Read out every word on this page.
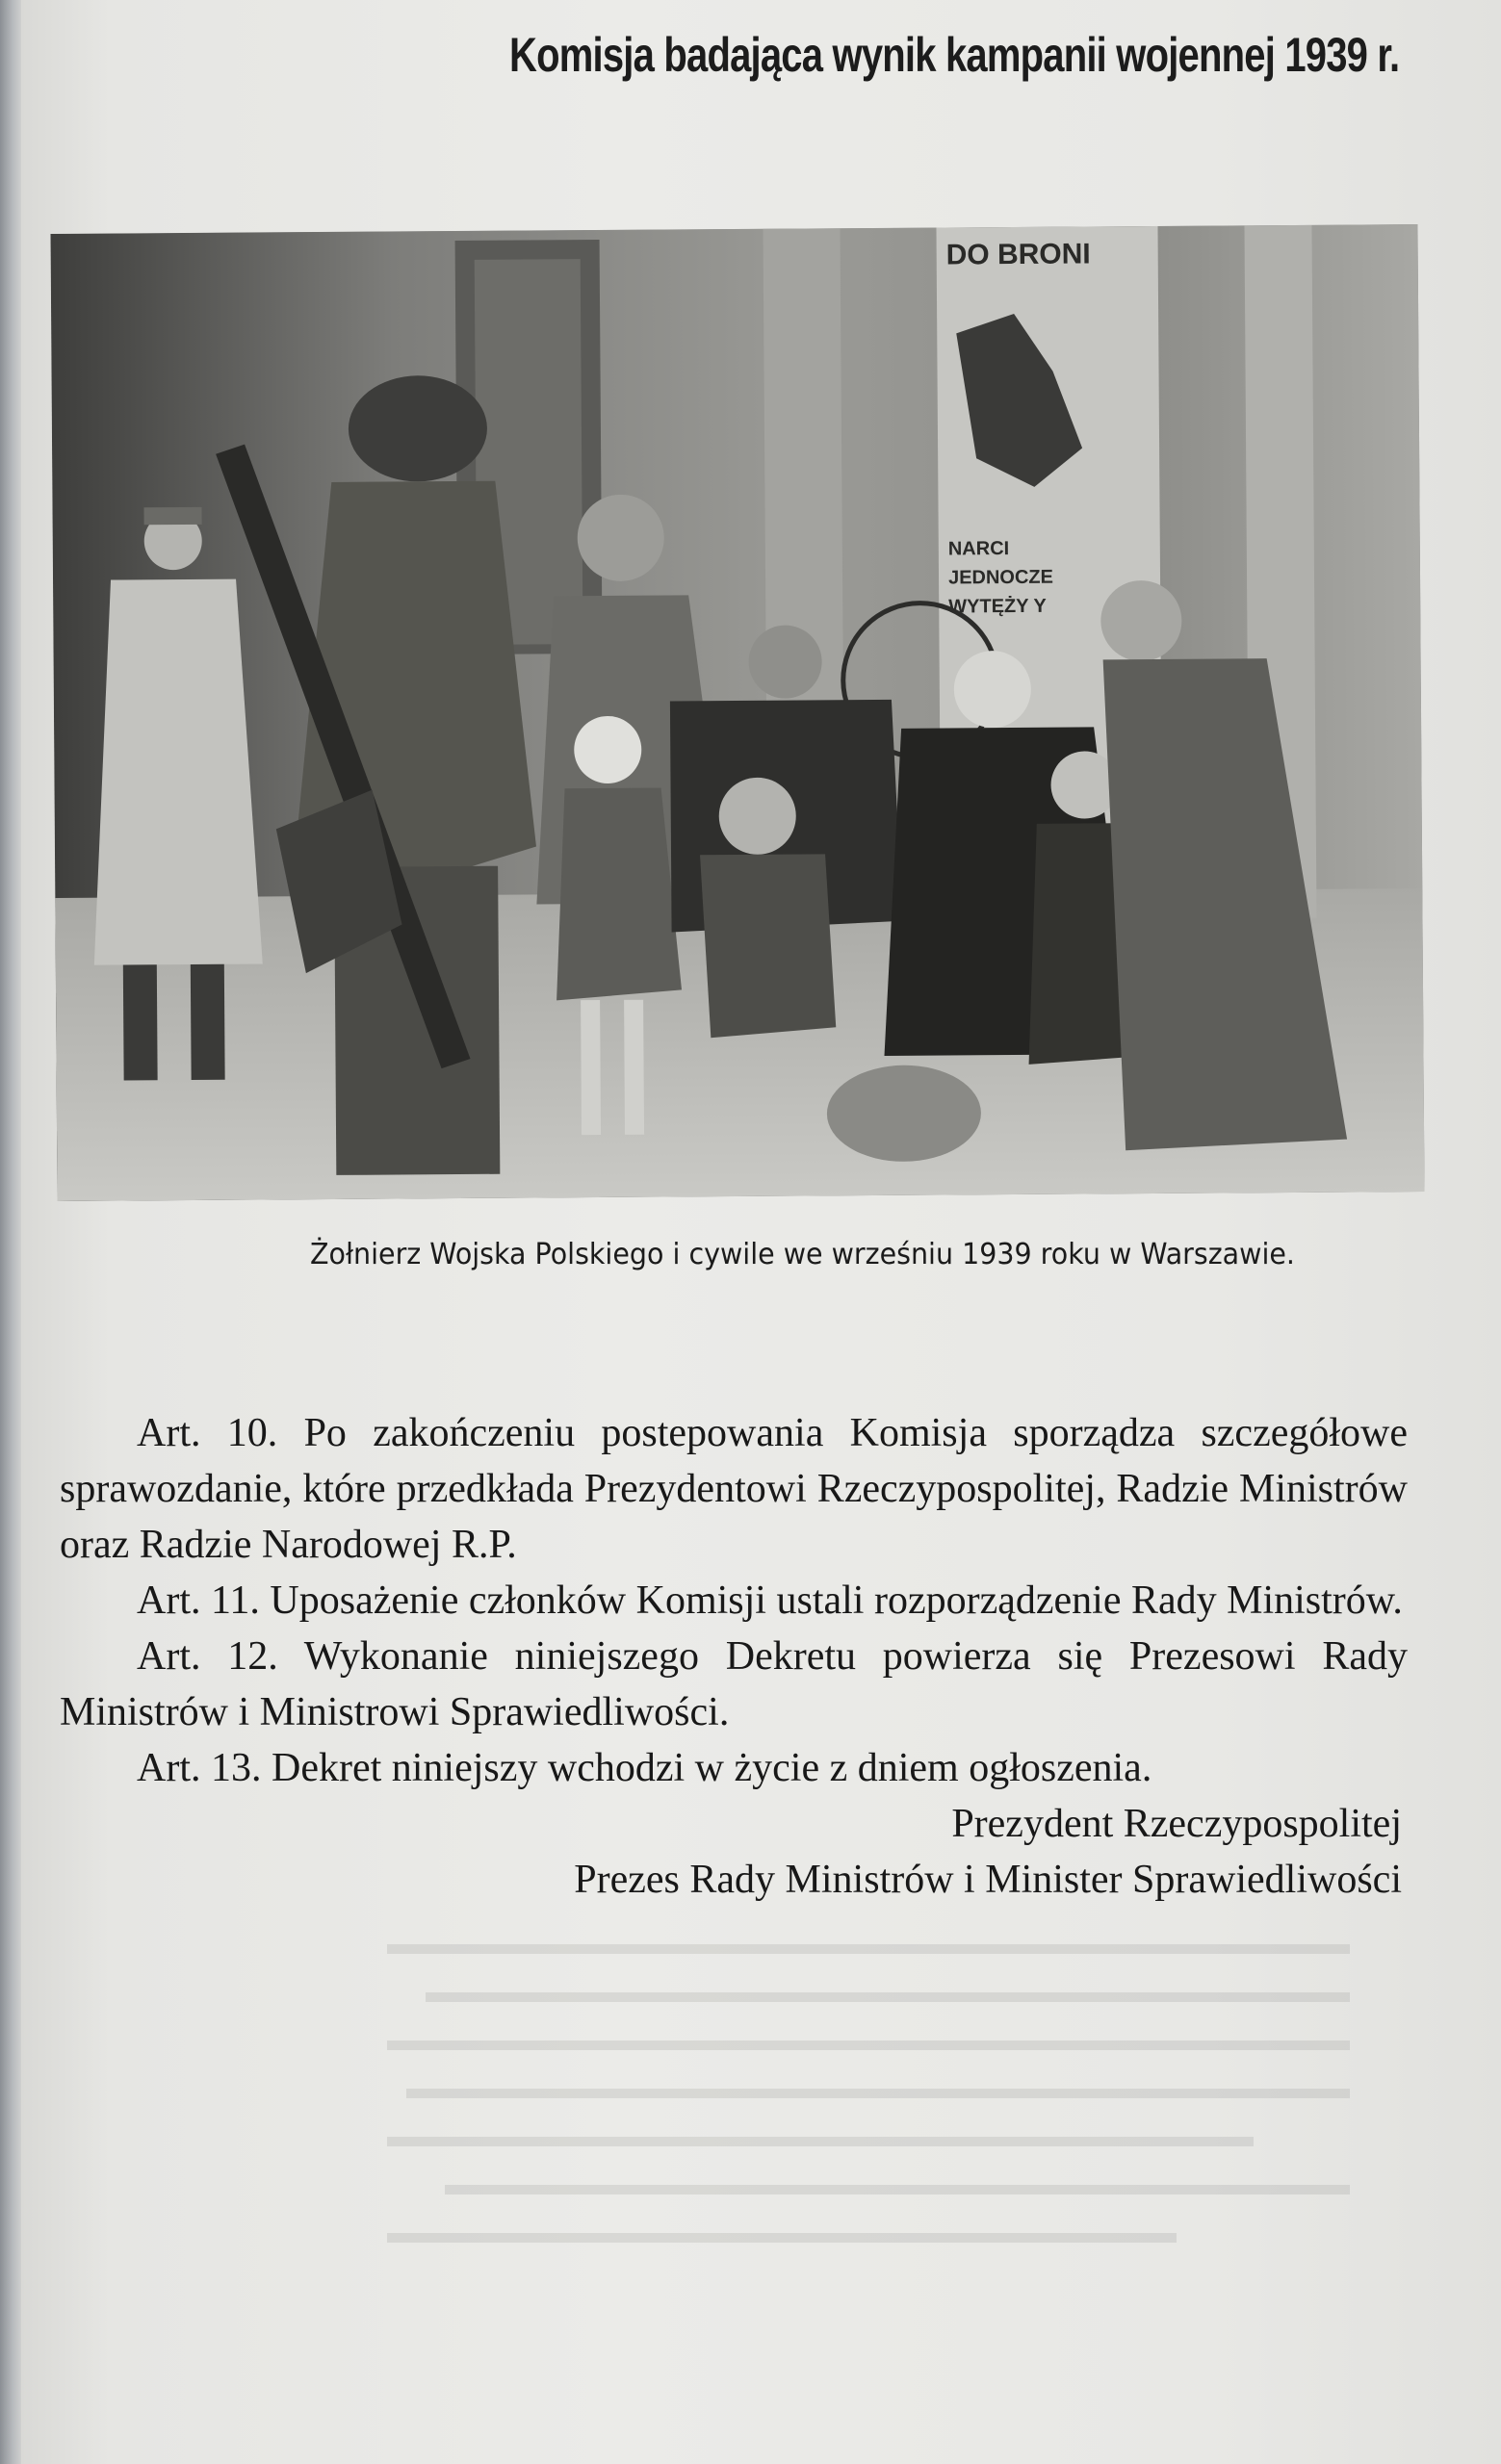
Komisja badająca wynik kampanii wojennej 1939 r.
DO BRONI
NARCI
JEDNOCZE
WYTĘŻY Y
Żołnierz Wojska Polskiego i cywile we wrześniu 1939 roku w Warszawie.
Art. 10. Po zakończeniu postepowania Komisja sporządza szczegółowe sprawozdanie, które przedkłada Prezydentowi Rzeczypospolitej, Radzie Ministrów oraz Radzie Narodowej R.P.
Art. 11. Uposażenie członków Komisji ustali rozporządzenie Rady Ministrów.
Art. 12. Wykonanie niniejszego Dekretu powierza się Prezesowi Rady Ministrów i Ministrowi Sprawiedliwości.
Art. 13. Dekret niniejszy wchodzi w życie z dniem ogłoszenia.
Prezydent Rzeczypospolitej
Prezes Rady Ministrów i Minister Sprawiedliwości
